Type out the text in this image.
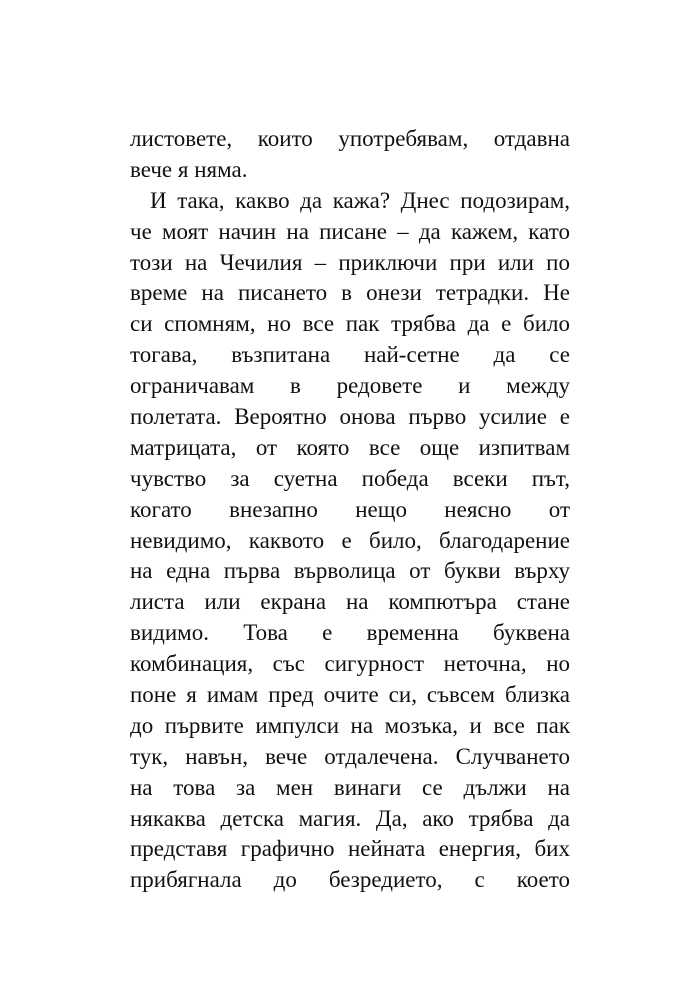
листовете, които употребявам, отдавна
вече я няма.
И така, какво да кажа? Днес подозирам,
че моят начин на писане – да кажем, като
този на Чечилия – приключи при или по
време на писането в онези тетрадки. Не
си спомням, но все пак трябва да е било
тогава, възпитана най-сетне да се
ограничавам в редовете и между
полетата. Вероятно онова първо усилие е
матрицата, от която все още изпитвам
чувство за суетна победа всеки път,
когато внезапно нещо неясно от
невидимо, каквото е било, благодарение
на една първа върволица от букви върху
листа или екрана на компютъра стане
видимо. Това е временна буквена
комбинация, със сигурност неточна, но
поне я имам пред очите си, съвсем близка
до първите импулси на мозъка, и все пак
тук, навън, вече отдалечена. Случването
на това за мен винаги се дължи на
някаква детска магия. Да, ако трябва да
представя графично нейната енергия, бих
прибягнала до безредието, с което
